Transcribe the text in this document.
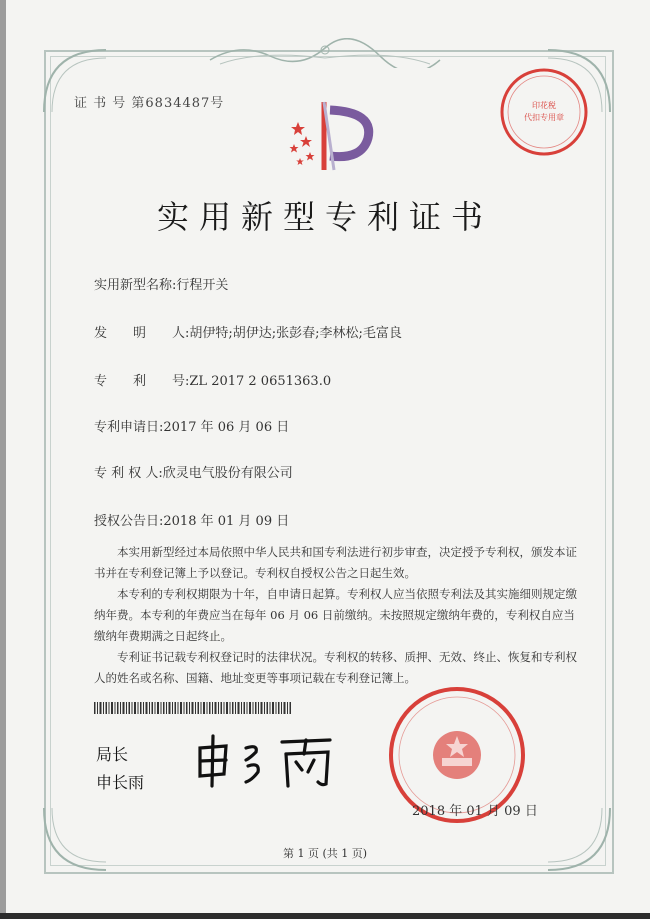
证 书 号 第6834487号	印花税
代扣专用章
实用新型专利证书
实用新型名称:行程开关
发　　明　　人:胡伊特;胡伊达;张彭春;李林松;毛富良
专　　利　　号:ZL 2017 2 0651363.0
专利申请日:2017 年 06 月 06 日
专 利 权 人:欣灵电气股份有限公司
授权公告日:2018 年 01 月 09 日

本实用新型经过本局依照中华人民共和国专利法进行初步审查，决定授予专利权，颁发本证书并在专利登记簿上予以登记。专利权自授权公告之日起生效。

本专利的专利权期限为十年，自申请日起算。专利权人应当依照专利法及其实施细则规定缴纳年费。本专利的年费应当在每年 06 月 06 日前缴纳。未按照规定缴纳年费的，专利权自应当缴纳年费期满之日起终止。

专利证书记载专利权登记时的法律状况。专利权的转移、质押、无效、终止、恢复和专利权人的姓名或名称、国籍、地址变更等事项记载在专利登记簿上。

局长
申长雨
2018 年 01 月 09 日
第 1 页 (共 1 页)
